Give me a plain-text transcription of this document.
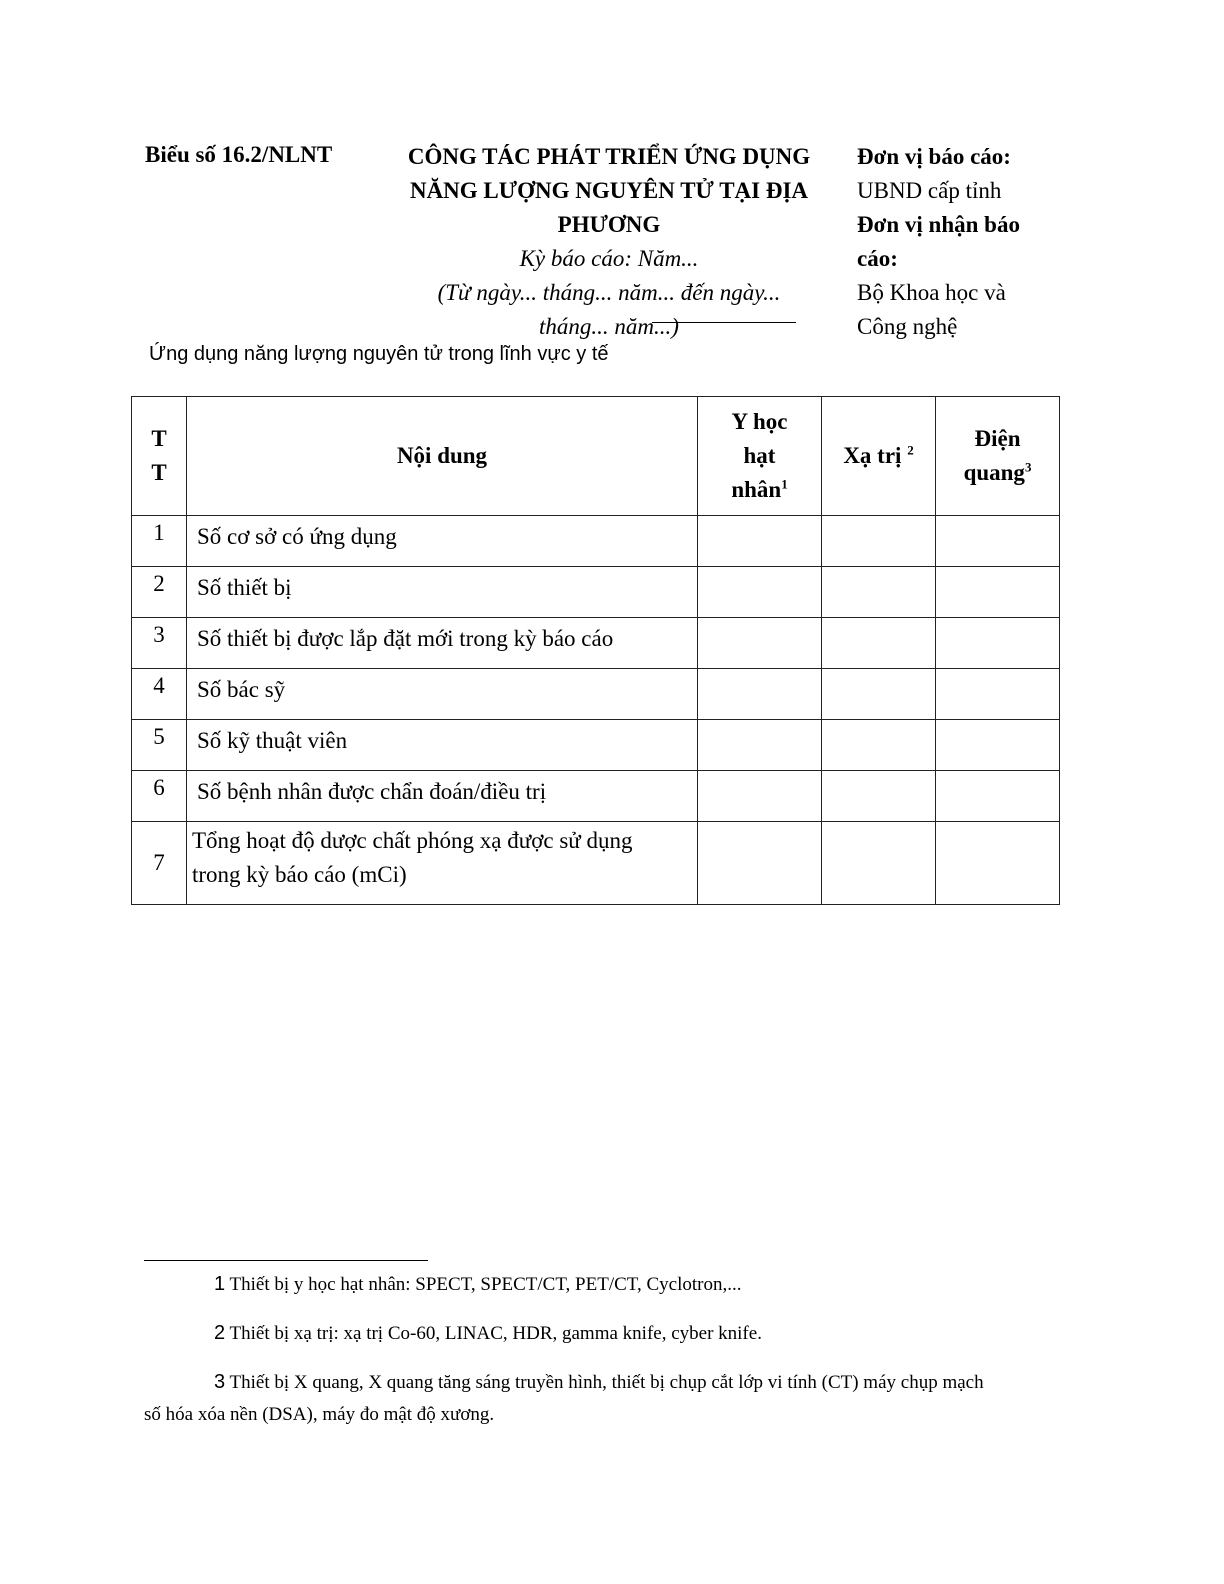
Biểu số 16.2/NLNT	CÔNG TÁC PHÁT TRIỂN ỨNG DỤNG
NĂNG LƯỢNG NGUYÊN TỬ TẠI ĐỊA
PHƯƠNG
Kỳ báo cáo: Năm...
(Từ ngày... tháng... năm... đến ngày...
tháng... năm...)
Đơn vị báo cáo:
UBND cấp tỉnh
Đơn vị nhận báo
cáo:
Bộ Khoa học và
Công nghệ
Ứng dụng năng lượng nguyên tử trong lĩnh vực y tế
T
T	Nội dung	Y học
hạt
nhân$^1$	Xạ trị $^2$	Điện
quang$^3$
1	Số cơ sở có ứng dụng			
2	Số thiết bị			
3	Số thiết bị được lắp đặt mới trong kỳ báo cáo			
4	Số bác sỹ			
5	Số kỹ thuật viên			
6	Số bệnh nhân được chẩn đoán/điều trị			
7	Tổng hoạt độ dược chất phóng xạ được sử dụng
trong kỳ báo cáo (mCi)			
1 Thiết bị y học hạt nhân: SPECT, SPECT/CT, PET/CT, Cyclotron,...
2 Thiết bị xạ trị: xạ trị Co-60, LINAC, HDR, gamma knife, cyber knife.
3 Thiết bị X quang, X quang tăng sáng truyền hình, thiết bị chụp cắt lớp vi tính (CT) máy chụp mạch số hóa xóa nền (DSA), máy đo mật độ xương.
